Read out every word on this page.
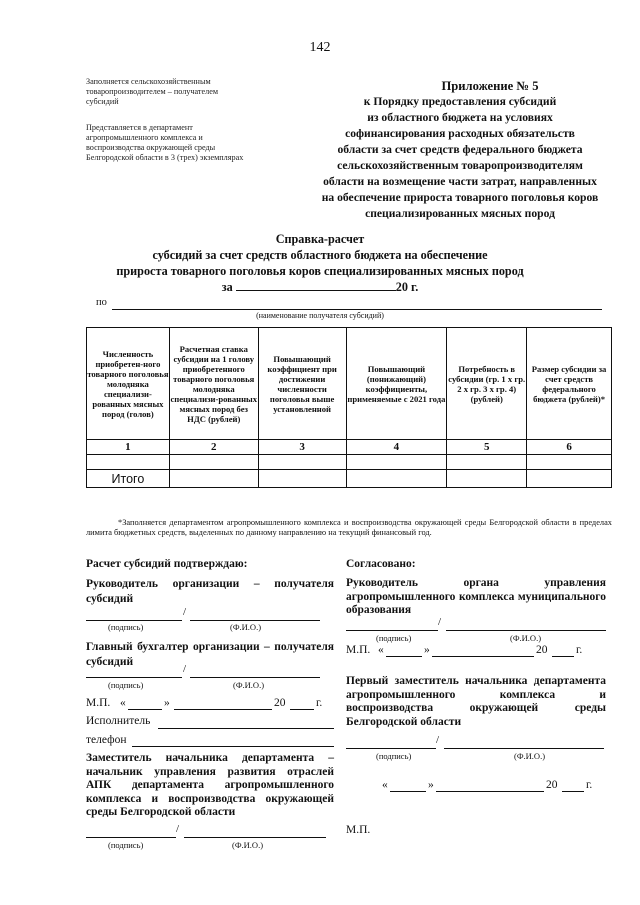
142
Заполняется сельскохозяйственным
товаропроизводителем – получателем
субсидий
Представляется в департамент
агропромышленного комплекса и
воспроизводства окружающей среды
Белгородской области в 3 (трех) экземплярах
Приложение № 5
к Порядку предоставления субсидий
из областного бюджета на условиях
софинансирования расходных обязательств
области за счет средств федерального бюджета
сельскохозяйственным товаропроизводителям
области на возмещение части затрат, направленных
на обеспечение прироста товарного поголовья коров
специализированных мясных пород
Справка-расчет
субсидий за счет средств областного бюджета на обеспечение
прироста товарного поголовья коров специализированных мясных пород
за	20 г.
по
(наименование получателя субсидий)
Численность приобретен-ного товарного поголовья молодняка специализи-рованных мясных пород (голов)	Расчетная ставка субсидии на 1 голову приобретенного товарного поголовья молодняка специализи-рованных мясных пород без НДС (рублей)	Повышающий коэффициент при достижении численности поголовья выше установленной	Повышающий (понижающий) коэффициенты, применяемые с 2021 года	Потребность в субсидии (гр. 1 x гр. 2 x гр. 3 x гр. 4) (рублей)	Размер субсидии за счет средств федерального бюджета (рублей)*
1	2	3	4	5	6

Итого					
*Заполняется департаментом агропромышленного комплекса и воспроизводства окружающей среды Белгородской области в пределах лимита бюджетных средств, выделенных по данному направлению на текущий финансовый год.
Расчет субсидий подтверждаю:
Руководитель организации – получателя субсидий
/
(подпись)	(Ф.И.О.)
Главный бухгалтер организации – получателя субсидий
/
(подпись)	(Ф.И.О.)
М.П. «	»	20	г.
Исполнитель
телефон
Заместитель начальника департамента – начальник управления развития отраслей АПК департамента агропромышленного комплекса и воспроизводства окружающей среды Белгородской области
/
(подпись)	(Ф.И.О.)
Согласовано:
Руководитель органа управления агропромышленного комплекса муниципального образования
/
(подпись)	(Ф.И.О.)
М.П. «	»	20 г.
Первый заместитель начальника департамента агропромышленного комплекса и воспроизводства окружающей среды Белгородской области
/
(подпись)	(Ф.И.О.)
«	»	20 г.
М.П.
